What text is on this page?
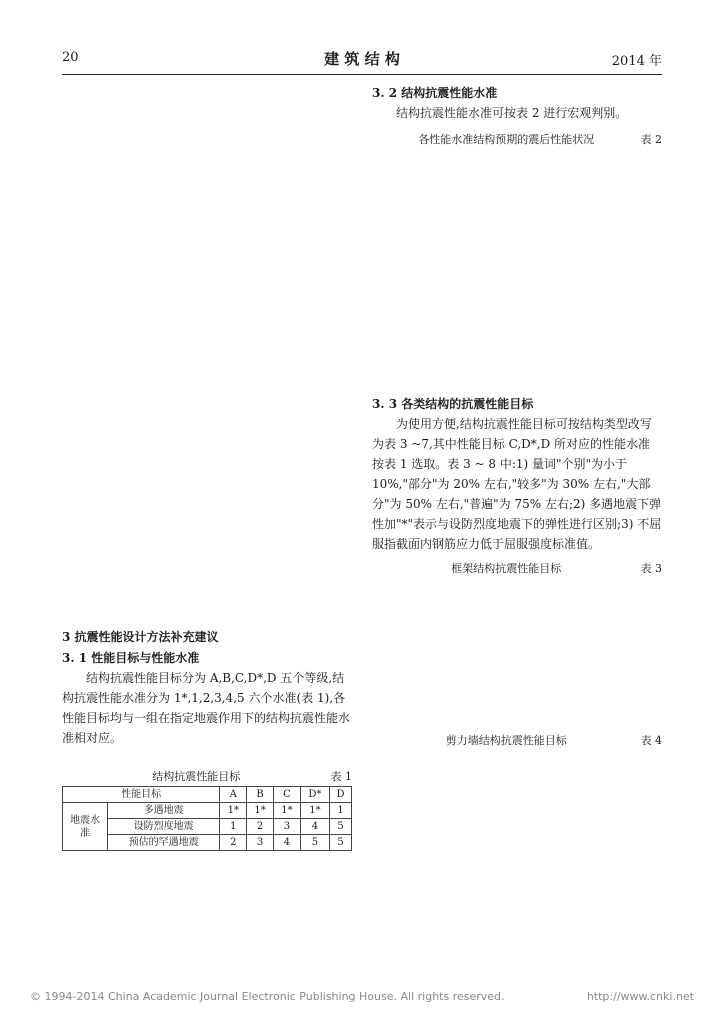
20	建 筑 结 构	2014 年
3 抗震性能设计方法补充建议
3. 1 性能目标与性能水准

结构抗震性能目标分为 A,B,C,D*,D 五个等级,结构抗震性能水准分为 1*,1,2,3,4,5 六个水准(表 1),各性能目标均与一组在指定地震作用下的结构抗震性能水准相对应。

结构抗震性能目标	表 1
性能目标		A	B	C	D*	D
地震水准	多遇地震	1*	1*	1*	1*	1
	设防烈度地震	1	2	3	4	5
	预估的罕遇地震	2	3	4	5	5
3. 2 结构抗震性能水准

结构抗震性能水准可按表 2 进行宏观判别。

各性能水准结构预期的震后性能状况	表 2
3. 3 各类结构的抗震性能目标

为使用方便,结构抗震性能目标可按结构类型改写为表 3 ~7,其中性能目标 C,D*,D 所对应的性能水准按表 1 选取。表 3 ~ 8 中:1) 量词"个别"为小于 10%,"部分"为 20% 左右,"较多"为 30% 左右,"大部分"为 50% 左右,"普遍"为 75% 左右;2) 多遇地震下弹性加"*"表示与设防烈度地震下的弹性进行区别;3) 不屈服指截面内钢筋应力低于屈服强度标准值。

框架结构抗震性能目标	表 3
剪力墙结构抗震性能目标	表 4
© 1994-2014 China Academic Journal Electronic Publishing House. All rights reserved.	http://www.cnki.net
